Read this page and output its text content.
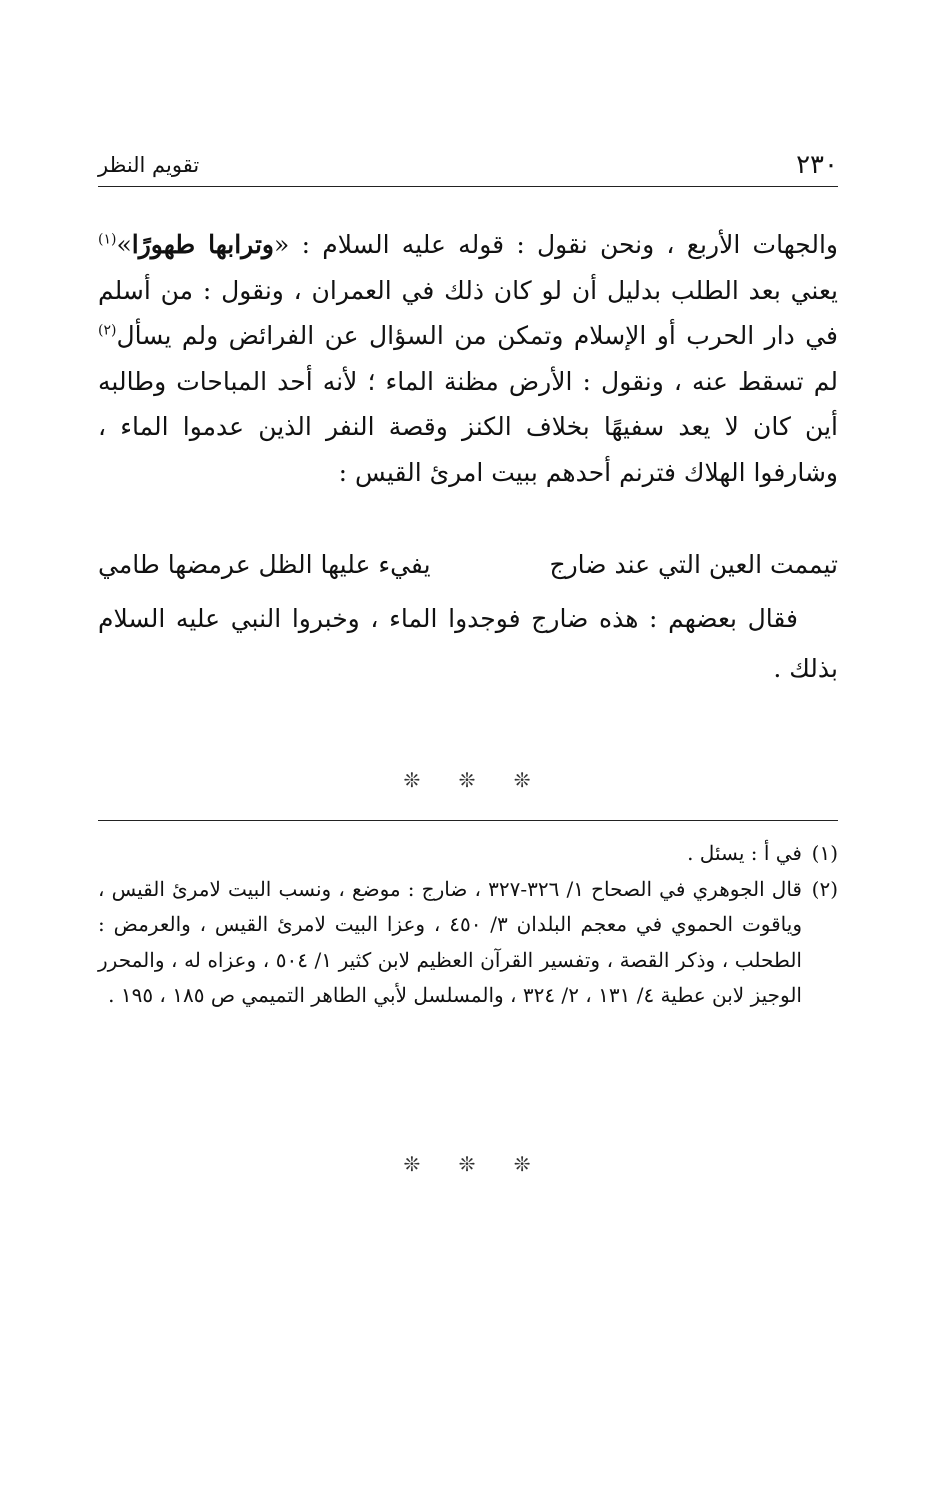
٢٣٠
تقويم النظر

والجهات الأربع ، ونحن نقول : قوله عليه السلام : «وترابها طهورًا»$^{(١)}$ يعني بعد الطلب بدليل أن لو كان ذلك في العمران ، ونقول : من أسلم في دار الحرب أو الإسلام وتمكن من السؤال عن الفرائض ولم يسأل$^{(٢)}$ لم تسقط عنه ، ونقول : الأرض مظنة الماء ؛ لأنه أحد المباحات وطالبه أين كان لا يعد سفيهًا بخلاف الكنز وقصة النفر الذين عدموا الماء ، وشارفوا الهلاك فترنم أحدهم ببيت امرئ القيس :

تيممت العين التي عند ضارج
يفيء عليها الظل عرمضها طامي

فقال بعضهم : هذه ضارج فوجدوا الماء ، وخبروا النبي عليه السلام بذلك .

❊ ❊ ❊
(١)
في أ : يسئل .
(٢)
قال الجوهري في الصحاح ١/ ٣٢٦-٣٢٧ ، ضارج : موضع ، ونسب البيت لامرئ القيس ، وياقوت الحموي في معجم البلدان ٣/ ٤٥٠ ، وعزا البيت لامرئ القيس ، والعرمض : الطحلب ، وذكر القصة ، وتفسير القرآن العظيم لابن كثير ١/ ٥٠٤ ، وعزاه له ، والمحرر الوجيز لابن عطية ٤/ ١٣١ ، ٢/ ٣٢٤ ، والمسلسل لأبي الطاهر التميمي ص ١٨٥ ، ١٩٥ .
❊ ❊ ❊
